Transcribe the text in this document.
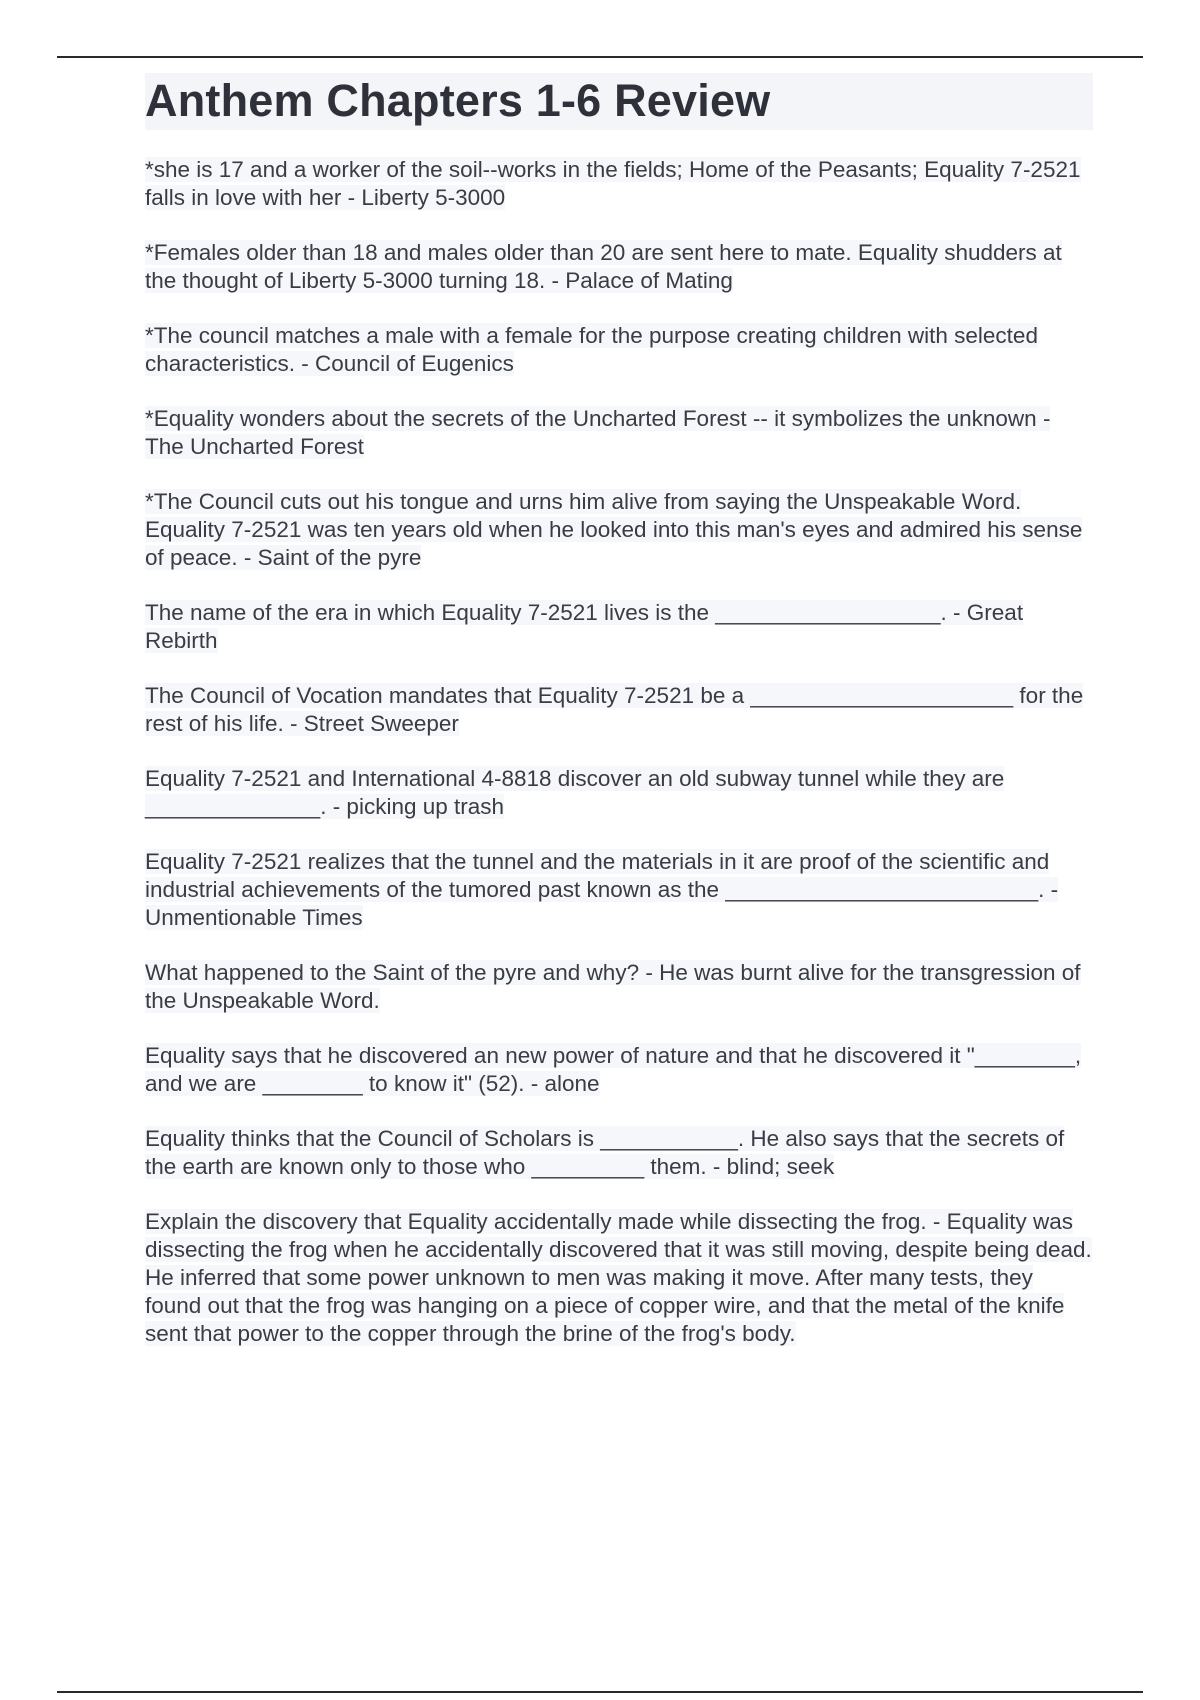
Anthem Chapters 1-6 Review
*she is 17 and a worker of the soil--works in the fields; Home of the Peasants; Equality 7-2521 falls in love with her - Liberty 5-3000
*Females older than 18 and males older than 20 are sent here to mate. Equality shudders at the thought of Liberty 5-3000 turning 18. - Palace of Mating
*The council matches a male with a female for the purpose creating children with selected characteristics. - Council of Eugenics
*Equality wonders about the secrets of the Uncharted Forest -- it symbolizes the unknown - The Uncharted Forest
*The Council cuts out his tongue and urns him alive from saying the Unspeakable Word. Equality 7-2521 was ten years old when he looked into this man's eyes and admired his sense of peace. - Saint of the pyre
The name of the era in which Equality 7-2521 lives is the __________________. - Great Rebirth
The Council of Vocation mandates that Equality 7-2521 be a _____________________ for the rest of his life. - Street Sweeper
Equality 7-2521 and International 4-8818 discover an old subway tunnel while they are ______________. - picking up trash
Equality 7-2521 realizes that the tunnel and the materials in it are proof of the scientific and industrial achievements of the tumored past known as the _________________________. - Unmentionable Times
What happened to the Saint of the pyre and why? - He was burnt alive for the transgression of the Unspeakable Word.
Equality says that he discovered an new power of nature and that he discovered it "________, and we are ________ to know it" (52). - alone
Equality thinks that the Council of Scholars is ___________. He also says that the secrets of the earth are known only to those who _________ them. - blind; seek
Explain the discovery that Equality accidentally made while dissecting the frog. - Equality was dissecting the frog when he accidentally discovered that it was still moving, despite being dead. He inferred that some power unknown to men was making it move. After many tests, they found out that the frog was hanging on a piece of copper wire, and that the metal of the knife sent that power to the copper through the brine of the frog's body.
